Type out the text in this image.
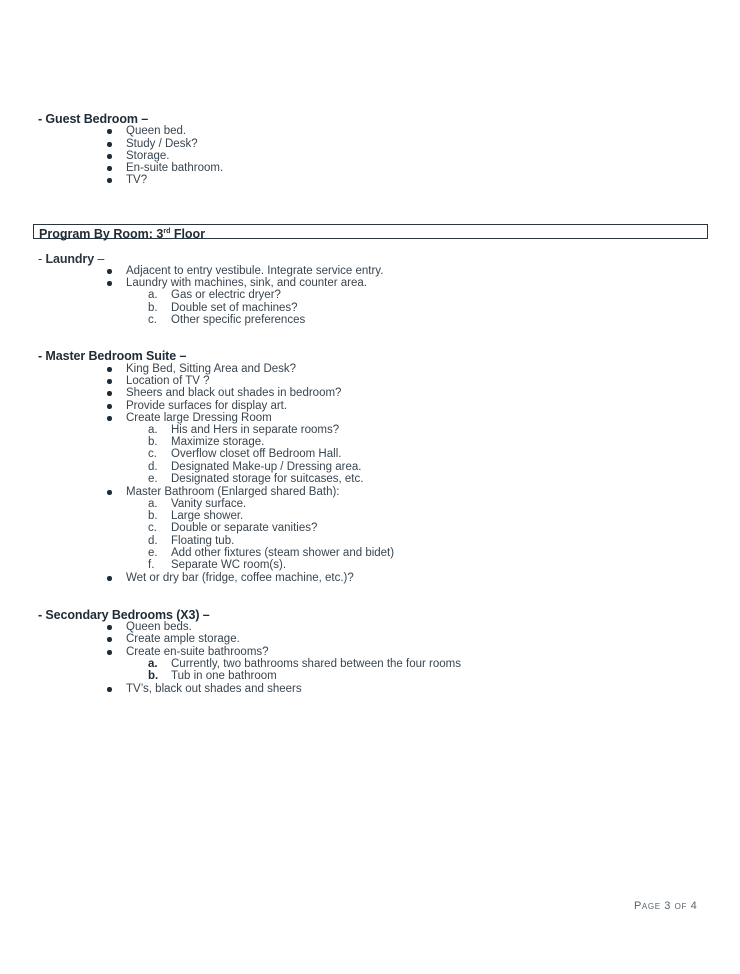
- Guest Bedroom –
Queen bed.
Study / Desk?
Storage.
En-suite bathroom.
TV?
Program By Room: 3rd Floor
- Laundry –
Adjacent to entry vestibule. Integrate service entry.
Laundry with machines, sink, and counter area.
a. Gas or electric dryer?
b. Double set of machines?
c. Other specific preferences
- Master Bedroom Suite –
King Bed, Sitting Area and Desk?
Location of TV ?
Sheers and black out shades in bedroom?
Provide surfaces for display art.
Create large Dressing Room
a. His and Hers in separate rooms?
b. Maximize storage.
c. Overflow closet off Bedroom Hall.
d. Designated Make-up / Dressing area.
e. Designated storage for suitcases, etc.
Master Bathroom (Enlarged shared Bath):
a. Vanity surface.
b. Large shower.
c. Double or separate vanities?
d. Floating tub.
e. Add other fixtures (steam shower and bidet)
f. Separate WC room(s).
Wet or dry bar (fridge, coffee machine, etc.)?
- Secondary Bedrooms (X3) –
Queen beds.
Create ample storage.
Create en-suite bathrooms?
a. Currently, two bathrooms shared between the four rooms
b. Tub in one bathroom
TV’s, black out shades and sheers
Page 3 of 4
